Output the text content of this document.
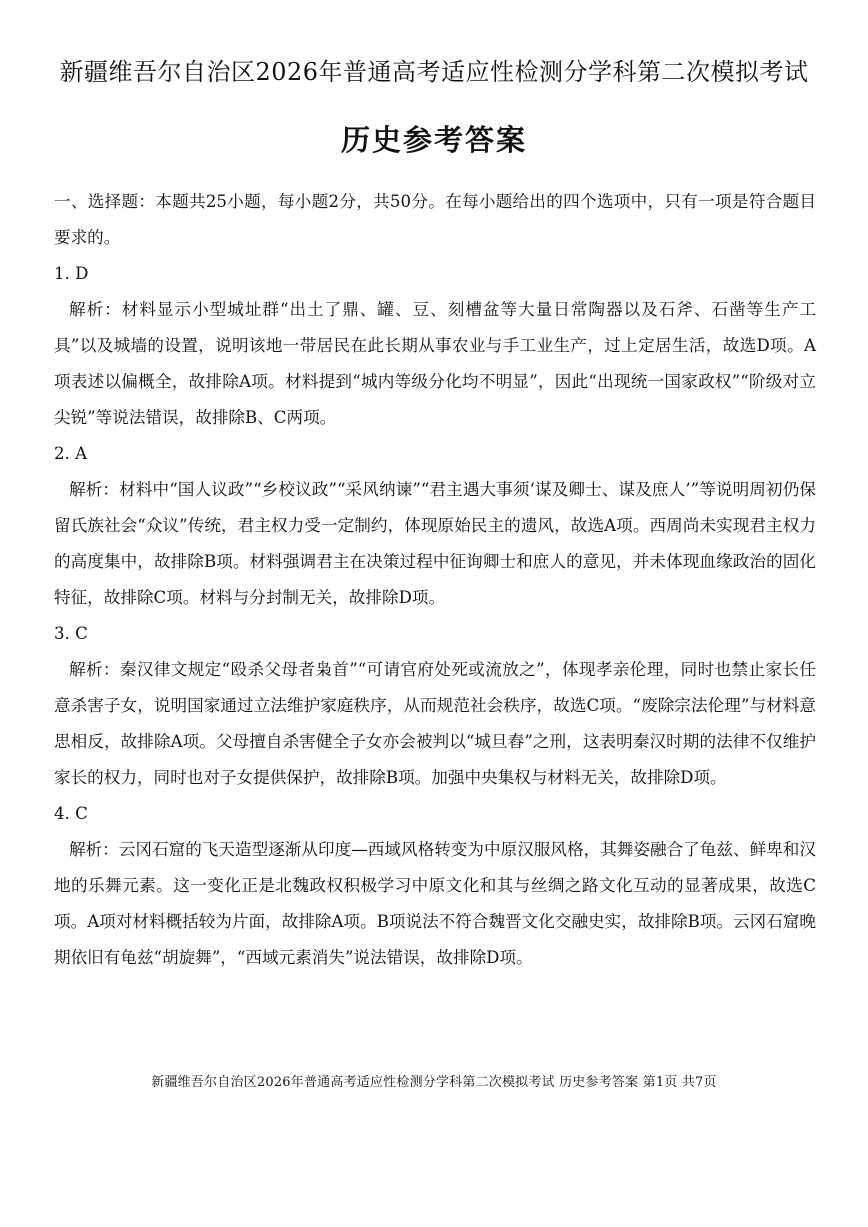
新疆维吾尔自治区2026年普通高考适应性检测分学科第二次模拟考试
历史参考答案

一、选择题：本题共25小题，每小题2分，共50分。在每小题给出的四个选项中，只有一项是符合题目要求的。

1. D

解析：材料显示小型城址群“出土了鼎、罐、豆、刻槽盆等大量日常陶器以及石斧、石凿等生产工具”以及城墙的设置，说明该地一带居民在此长期从事农业与手工业生产，过上定居生活，故选D项。A项表述以偏概全，故排除A项。材料提到“城内等级分化均不明显”，因此“出现统一国家政权”“阶级对立尖锐”等说法错误，故排除B、C两项。

2. A

解析：材料中“国人议政”“乡校议政”“采风纳谏”“君主遇大事须‘谋及卿士、谋及庶人’”等说明周初仍保留氏族社会“众议”传统，君主权力受一定制约，体现原始民主的遗风，故选A项。西周尚未实现君主权力的高度集中，故排除B项。材料强调君主在决策过程中征询卿士和庶人的意见，并未体现血缘政治的固化特征，故排除C项。材料与分封制无关，故排除D项。

3. C

解析：秦汉律文规定“殴杀父母者枭首”“可请官府处死或流放之”，体现孝亲伦理，同时也禁止家长任意杀害子女，说明国家通过立法维护家庭秩序，从而规范社会秩序，故选C项。“废除宗法伦理”与材料意思相反，故排除A项。父母擅自杀害健全子女亦会被判以“城旦舂”之刑，这表明秦汉时期的法律不仅维护家长的权力，同时也对子女提供保护，故排除B项。加强中央集权与材料无关，故排除D项。

4. C

解析：云冈石窟的飞天造型逐渐从印度—西域风格转变为中原汉服风格，其舞姿融合了龟兹、鲜卑和汉地的乐舞元素。这一变化正是北魏政权积极学习中原文化和其与丝绸之路文化互动的显著成果，故选C项。A项对材料概括较为片面，故排除A项。B项说法不符合魏晋文化交融史实，故排除B项。云冈石窟晚期依旧有龟兹“胡旋舞”，“西域元素消失”说法错误，故排除D项。

新疆维吾尔自治区2026年普通高考适应性检测分学科第二次模拟考试 历史参考答案 第1页 共7页
